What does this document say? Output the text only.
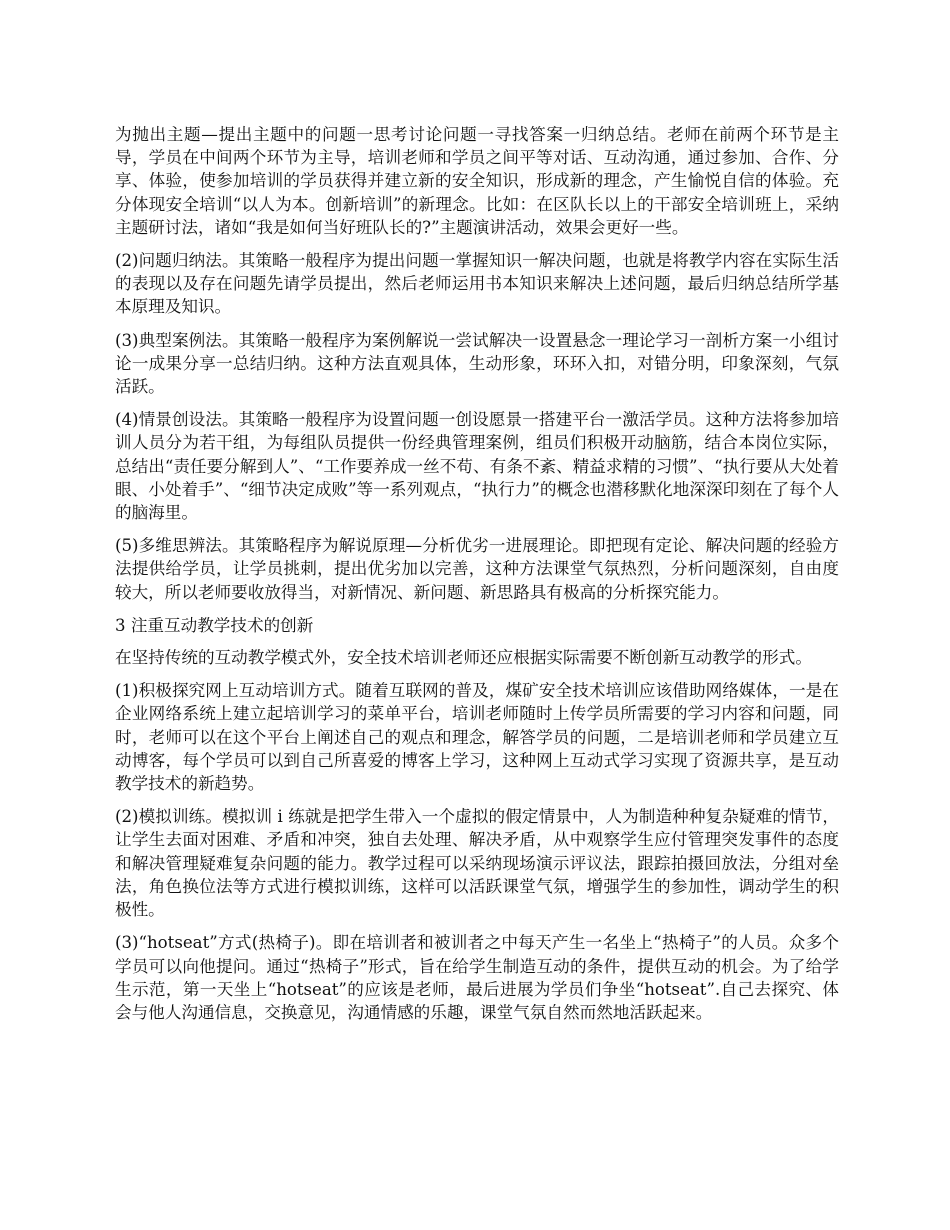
为抛出主题—提出主题中的问题一思考讨论问题一寻找答案一归纳总结。老师在前两个环节是主导，学员在中间两个环节为主导，培训老师和学员之间平等对话、互动沟通，通过参加、合作、分享、体验，使参加培训的学员获得并建立新的安全知识，形成新的理念，产生愉悦自信的体验。充分体现安全培训“以人为本。创新培训”的新理念。比如：在区队长以上的干部安全培训班上，采纳主题研讨法，诸如“我是如何当好班队长的?”主题演讲活动，效果会更好一些。

(2)问题归纳法。其策略一般程序为提出问题一掌握知识一解决问题，也就是将教学内容在实际生活的表现以及存在问题先请学员提出，然后老师运用书本知识来解决上述问题，最后归纳总结所学基本原理及知识。

(3)典型案例法。其策略一般程序为案例解说一尝试解决一设置悬念一理论学习一剖析方案一小组讨论一成果分享一总结归纳。这种方法直观具体，生动形象，环环入扣，对错分明，印象深刻，气氛活跃。

(4)情景创设法。其策略一般程序为设置问题一创设愿景一搭建平台一激活学员。这种方法将参加培训人员分为若干组，为每组队员提供一份经典管理案例，组员们积极开动脑筋，结合本岗位实际，总结出“责任要分解到人”、“工作要养成一丝不苟、有条不紊、精益求精的习惯”、“执行要从大处着眼、小处着手”、“细节决定成败”等一系列观点，“执行力”的概念也潜移默化地深深印刻在了每个人的脑海里。

(5)多维思辨法。其策略程序为解说原理—分析优劣一进展理论。即把现有定论、解决问题的经验方法提供给学员，让学员挑刺，提出优劣加以完善，这种方法课堂气氛热烈，分析问题深刻，自由度较大，所以老师要收放得当，对新情况、新问题、新思路具有极高的分析探究能力。

3 注重互动教学技术的创新

在坚持传统的互动教学模式外，安全技术培训老师还应根据实际需要不断创新互动教学的形式。

(1)积极探究网上互动培训方式。随着互联网的普及，煤矿安全技术培训应该借助网络媒体，一是在企业网络系统上建立起培训学习的菜单平台，培训老师随时上传学员所需要的学习内容和问题，同时，老师可以在这个平台上阐述自己的观点和理念，解答学员的问题，二是培训老师和学员建立互动博客，每个学员可以到自己所喜爱的博客上学习，这种网上互动式学习实现了资源共享，是互动教学技术的新趋势。

(2)模拟训练。模拟训 i 练就是把学生带入一个虚拟的假定情景中，人为制造种种复杂疑难的情节，让学生去面对困难、矛盾和冲突，独自去处理、解决矛盾，从中观察学生应付管理突发事件的态度和解决管理疑难复杂问题的能力。教学过程可以采纳现场演示评议法，跟踪拍摄回放法，分组对垒法，角色换位法等方式进行模拟训练，这样可以活跃课堂气氛，增强学生的参加性，调动学生的积极性。

(3)“hotseat”方式(热椅子)。即在培训者和被训者之中每天产生一名坐上“热椅子”的人员。众多个学员可以向他提问。通过“热椅子”形式，旨在给学生制造互动的条件，提供互动的机会。为了给学生示范，第一天坐上“hotseat”的应该是老师，最后进展为学员们争坐“hotseat”.自己去探究、体会与他人沟通信息，交换意见，沟通情感的乐趣，课堂气氛自然而然地活跃起来。
